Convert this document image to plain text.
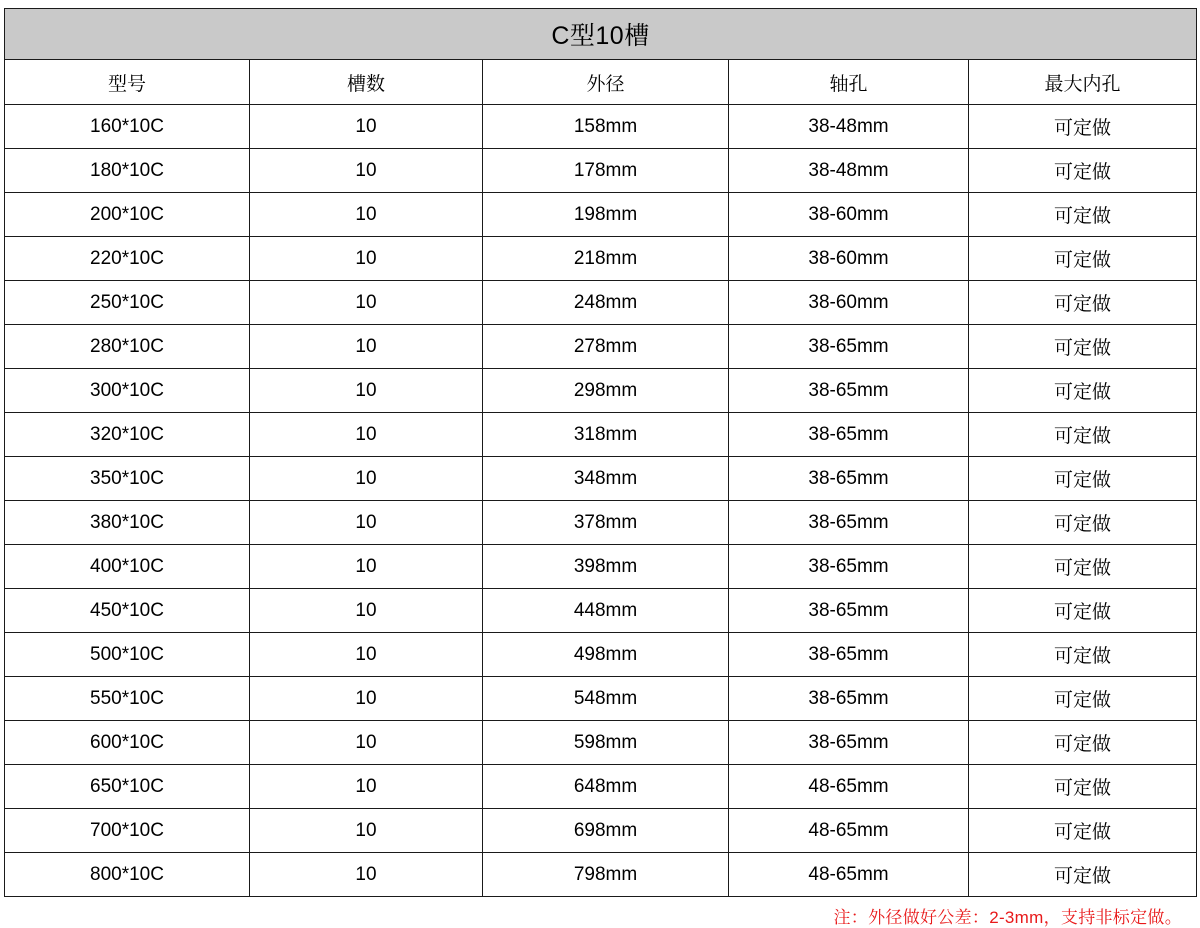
C型10槽				
型号	槽数	外径	轴孔	最大内孔
160*10C	10	158mm	38-48mm	可定做
180*10C	10	178mm	38-48mm	可定做
200*10C	10	198mm	38-60mm	可定做
220*10C	10	218mm	38-60mm	可定做
250*10C	10	248mm	38-60mm	可定做
280*10C	10	278mm	38-65mm	可定做
300*10C	10	298mm	38-65mm	可定做
320*10C	10	318mm	38-65mm	可定做
350*10C	10	348mm	38-65mm	可定做
380*10C	10	378mm	38-65mm	可定做
400*10C	10	398mm	38-65mm	可定做
450*10C	10	448mm	38-65mm	可定做
500*10C	10	498mm	38-65mm	可定做
550*10C	10	548mm	38-65mm	可定做
600*10C	10	598mm	38-65mm	可定做
650*10C	10	648mm	48-65mm	可定做
700*10C	10	698mm	48-65mm	可定做
800*10C	10	798mm	48-65mm	可定做
注：外径做好公差：2-3mm，支持非标定做。
